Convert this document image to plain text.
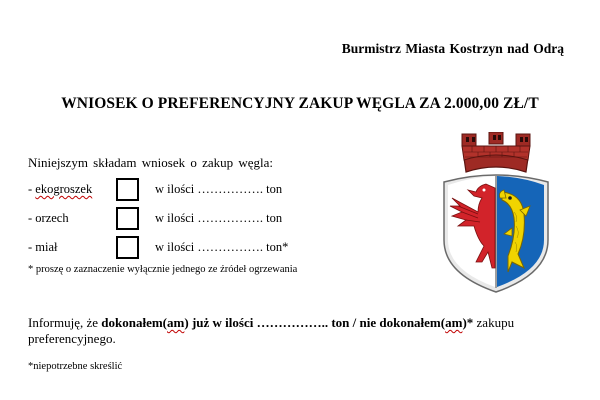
Burmistrz Miasta Kostrzyn nad Odrą
WNIOSEK O PREFERENCYJNY ZAKUP WĘGLA ZA 2.000,00 ZŁ/T
Niniejszym składam wniosek o zakup węgla:
- ekogroszek	w ilości ……………. ton
- orzech	w ilości ……………. ton
- miał	w ilości ……………. ton*
* proszę o zaznaczenie wyłącznie jednego ze źródeł ogrzewania
Informuję, że dokonałem(am) już w ilości …………….. ton / nie dokonałem(am)* zakupu preferencyjnego.
*niepotrzebne skreślić
